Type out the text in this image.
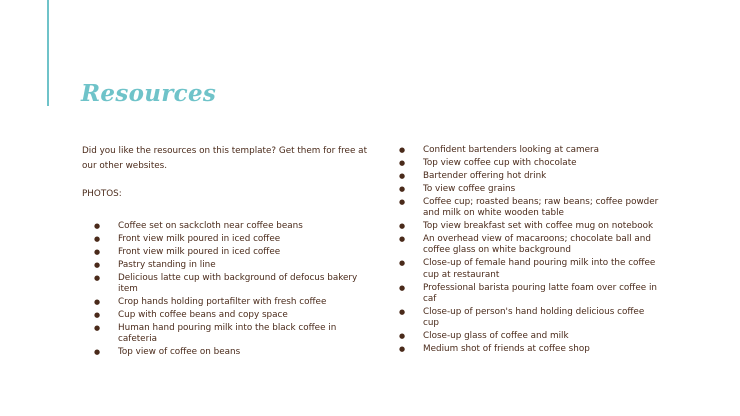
Resources
Did you like the resources on this template? Get them for free at our other websites.
PHOTOS:
● Coffee set on sackcloth near coffee beans
● Front view milk poured in iced coffee
● Front view milk poured in iced coffee
● Pastry standing in line
● Delicious latte cup with background of defocus bakery item
● Crop hands holding portafilter with fresh coffee
● Cup with coffee beans and copy space
● Human hand pouring milk into the black coffee in cafeteria
● Top view of coffee on beans
● Confident bartenders looking at camera
● Top view coffee cup with chocolate
● Bartender offering hot drink
● To view coffee grains
● Coffee cup; roasted beans; raw beans; coffee powder and milk on white wooden table
● Top view breakfast set with coffee mug on notebook
● An overhead view of macaroons; chocolate ball and coffee glass on white background
● Close-up of female hand pouring milk into the coffee cup at restaurant
● Professional barista pouring latte foam over coffee in caf
● Close-up of person's hand holding delicious coffee cup
● Close-up glass of coffee and milk
● Medium shot of friends at coffee shop
